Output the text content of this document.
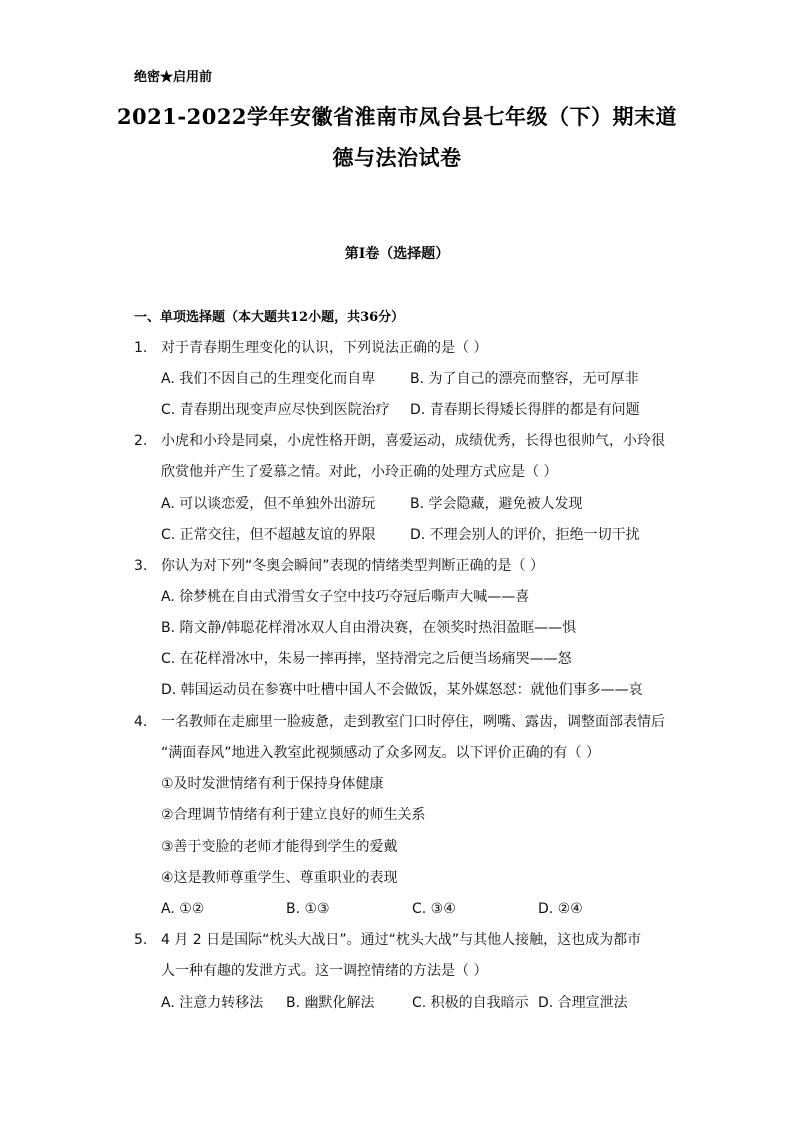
绝密★启用前
2021-2022学年安徽省淮南市凤台县七年级（下）期末道
德与法治试卷
第I卷（选择题）
一、单项选择题（本大题共12小题，共36分）
1. 对于青春期生理变化的认识，下列说法正确的是（ ）
A. 我们不因自己的生理变化而自卑 B. 为了自己的漂亮而整容，无可厚非
C. 青春期出现变声应尽快到医院治疗 D. 青春期长得矮长得胖的都是有问题
2. 小虎和小玲是同桌，小虎性格开朗，喜爱运动，成绩优秀，长得也很帅气，小玲很
欣赏他并产生了爱慕之情。对此，小玲正确的处理方式应是（ ）
A. 可以谈恋爱，但不单独外出游玩 B. 学会隐藏，避免被人发现
C. 正常交往，但不超越友谊的界限 D. 不理会别人的评价，拒绝一切干扰
3. 你认为对下列“冬奥会瞬间”表现的情绪类型判断正确的是（ ）
A. 徐梦桃在自由式滑雪女子空中技巧夺冠后嘶声大喊——喜
B. 隋文静/韩聪花样滑冰双人自由滑决赛，在领奖时热泪盈眶——惧
C. 在花样滑冰中，朱易一摔再摔，坚持滑完之后便当场痛哭——怒
D. 韩国运动员在参赛中吐槽中国人不会做饭，某外媒怒怼：就他们事多——哀
4. 一名教师在走廊里一脸疲惫，走到教室门口时停住，咧嘴、露齿，调整面部表情后
“满面春风”地进入教室此视频感动了众多网友。以下评价正确的有（ ）
①及时发泄情绪有利于保持身体健康
②合理调节情绪有利于建立良好的师生关系
③善于变脸的老师才能得到学生的爱戴
④这是教师尊重学生、尊重职业的表现
A. ①②	B. ①③	C. ③④	D. ②④
5. 4 月 2 日是国际“枕头大战日”。通过“枕头大战”与其他人接触，这也成为都市
人一种有趣的发泄方式。这一调控情绪的方法是（ ）
A. 注意力转移法 B. 幽默化解法	C. 积极的自我暗示 D. 合理宣泄法
